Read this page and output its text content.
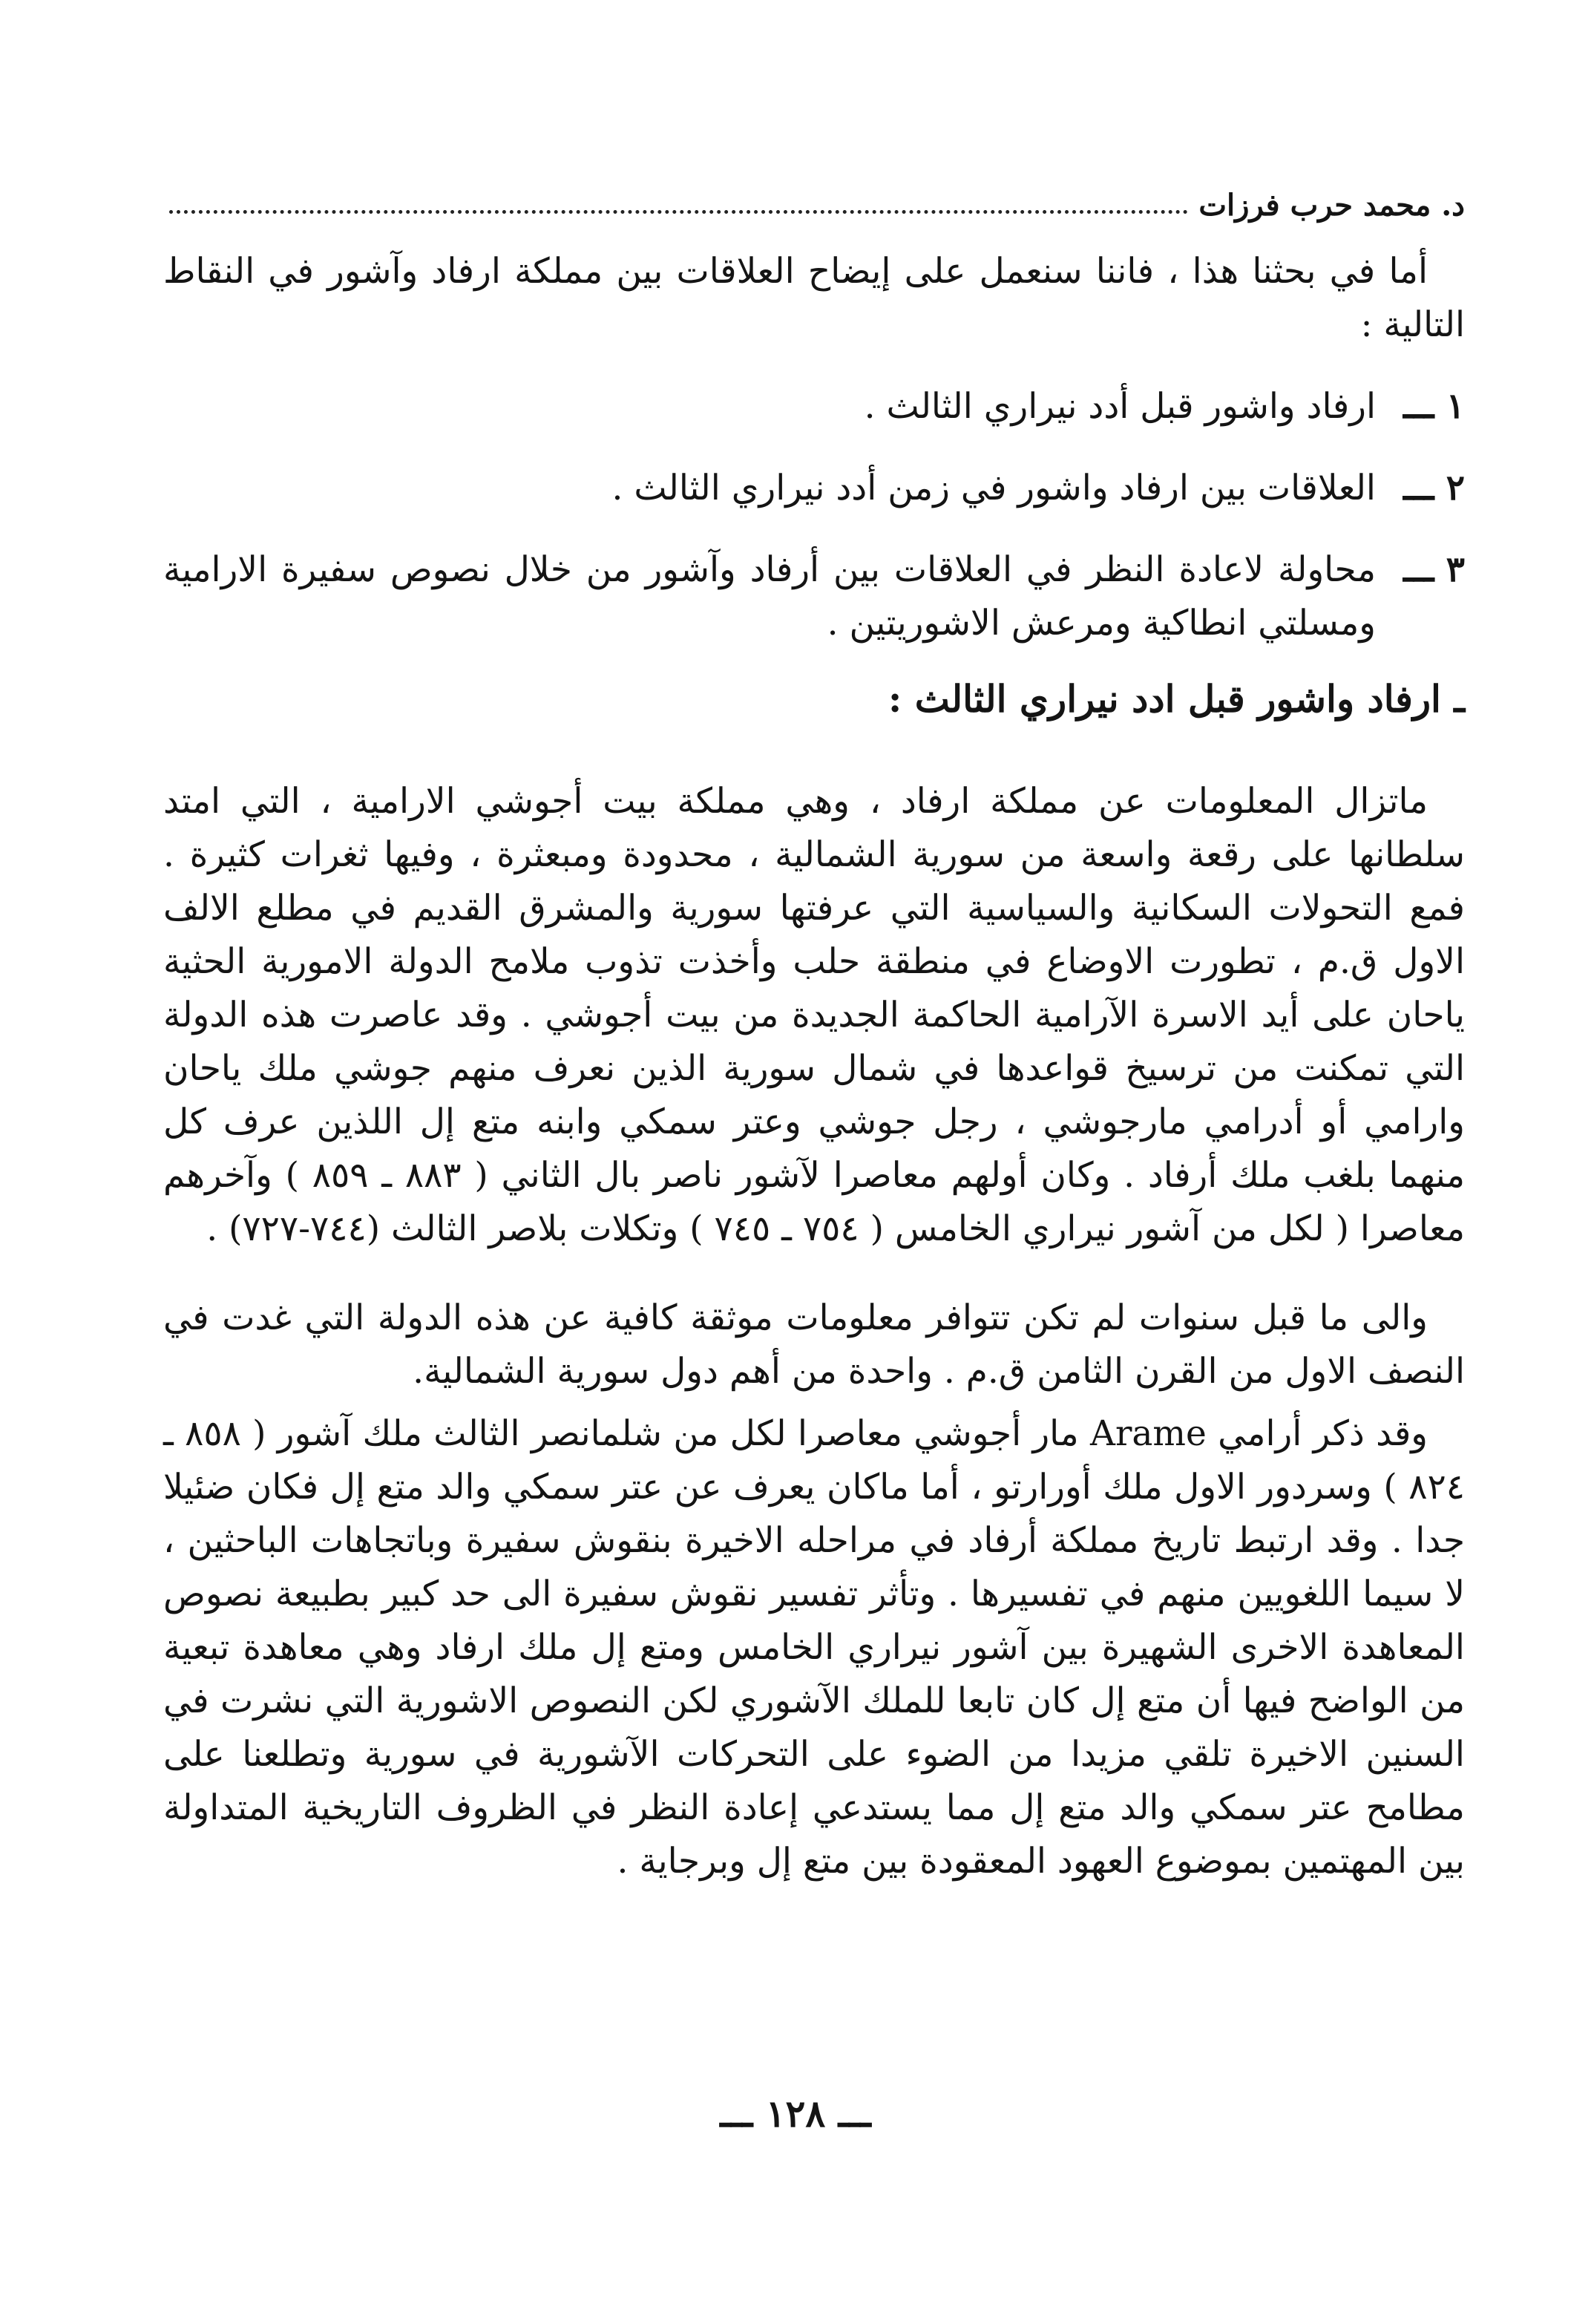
د. محمد حرب فرزات

أما في بحثنا هذا ، فاننا سنعمل على إيضاح العلاقات بين مملكة ارفاد وآشور في النقاط التالية :

١ ـــ
ارفاد واشور قبل أدد نيراري الثالث .
٢ ـــ
العلاقات بين ارفاد واشور في زمن أدد نيراري الثالث .
٣ ـــ
محاولة لاعادة النظر في العلاقات بين أرفاد وآشور من خلال نصوص سفيرة الارامية ومسلتي انطاكية ومرعش الاشوريتين .

ـ ارفاد واشور قبل ادد نيراري الثالث :

ماتزال المعلومات عن مملكة ارفاد ، وهي مملكة بيت أجوشي الارامية ، التي امتد سلطانها على رقعة واسعة من سورية الشمالية ، محدودة ومبعثرة ، وفيها ثغرات كثيرة . فمع التحولات السكانية والسياسية التي عرفتها سورية والمشرق القديم في مطلع الالف الاول ق.م ، تطورت الاوضاع في منطقة حلب وأخذت تذوب ملامح الدولة الامورية الحثية ياحان على أيد الاسرة الآرامية الحاكمة الجديدة من بيت أجوشي . وقد عاصرت هذه الدولة التي تمكنت من ترسيخ قواعدها في شمال سورية الذين نعرف منهم جوشي ملك ياحان وارامي أو أدرامي مارجوشي ، رجل جوشي وعتر سمكي وابنه متع إل اللذين عرف كل منهما بلغب ملك أرفاد . وكان أولهم معاصرا لآشور ناصر بال الثاني ( ٨٨٣ ـ ٨٥٩ ) وآخرهم معاصرا ( لكل من آشور نيراري الخامس ( ٧٥٤ ـ ٧٤٥ ) وتكلات بلاصر الثالث (٧٤٤-٧٢٧) .

والى ما قبل سنوات لم تكن تتوافر معلومات موثقة كافية عن هذه الدولة التي غدت في النصف الاول من القرن الثامن ق.م . واحدة من أهم دول سورية الشمالية.

وقد ذكر أرامي Arame مار أجوشي معاصرا لكل من شلمانصر الثالث ملك آشور ( ٨٥٨ ـ ٨٢٤ ) وسردور الاول ملك أورارتو ، أما ماكان يعرف عن عتر سمكي والد متع إل فكان ضئيلا جدا . وقد ارتبط تاريخ مملكة أرفاد في مراحله الاخيرة بنقوش سفيرة وباتجاهات الباحثين ، لا سيما اللغويين منهم في تفسيرها . وتأثر تفسير نقوش سفيرة الى حد كبير بطبيعة نصوص المعاهدة الاخرى الشهيرة بين آشور نيراري الخامس ومتع إل ملك ارفاد وهي معاهدة تبعية من الواضح فيها أن متع إل كان تابعا للملك الآشوري لكن النصوص الاشورية التي نشرت في السنين الاخيرة تلقي مزيدا من الضوء على التحركات الآشورية في سورية وتطلعنا على مطامح عتر سمكي والد متع إل مما يستدعي إعادة النظر في الظروف التاريخية المتداولة بين المهتمين بموضوع العهود المعقودة بين متع إل وبرجاية .

ـــ ١٢٨ ـــ
